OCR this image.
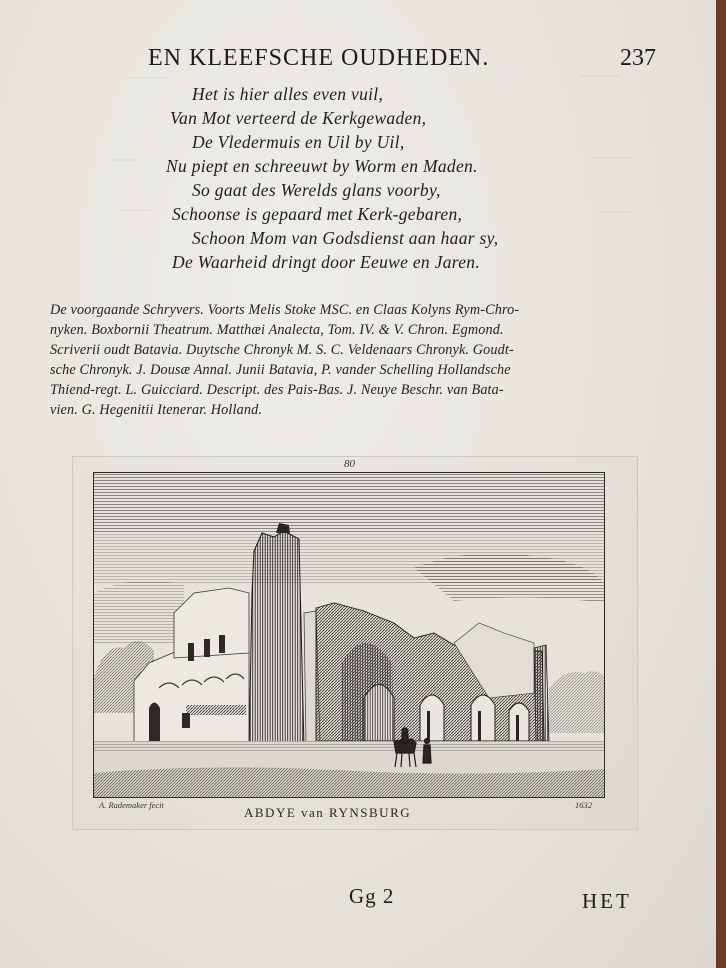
EN KLEEFSCHE OUDHEDEN.	237
Het is hier alles even vuil,
Van Mot verteerd de Kerkgewaden,
De Vledermuis en Uil by Uil,
Nu piept en schreeuwt by Worm en Maden.
So gaat des Werelds glans voorby,
Schoonse is gepaard met Kerk-gebaren,
Schoon Mom van Godsdienst aan haar sy,
De Waarheid dringt door Eeuwe en Jaren.
De voorgaande Schryvers. Voorts Melis Stoke MSC. en Claas Kolyns Rym-Chro-
nyken. Boxbornii Theatrum. Matthæi Analecta, Tom. IV. & V. Chron. Egmond.
Scriverii oudt Batavia. Duytsche Chronyk M. S. C. Veldenaars Chronyk. Goudt-
sche Chronyk. J. Dousæ Annal. Junii Batavia, P. vander Schelling Hollandsche
Thiend-regt. L. Guicciard. Descript. des Pais-Bas. J. Neuye Beschr. van Bata-
vien. G. Hegenitii Itenerar. Holland.
80
A. Rademaker fecit	ABDYE van RYNSBURG	1632
Gg 2	HET
